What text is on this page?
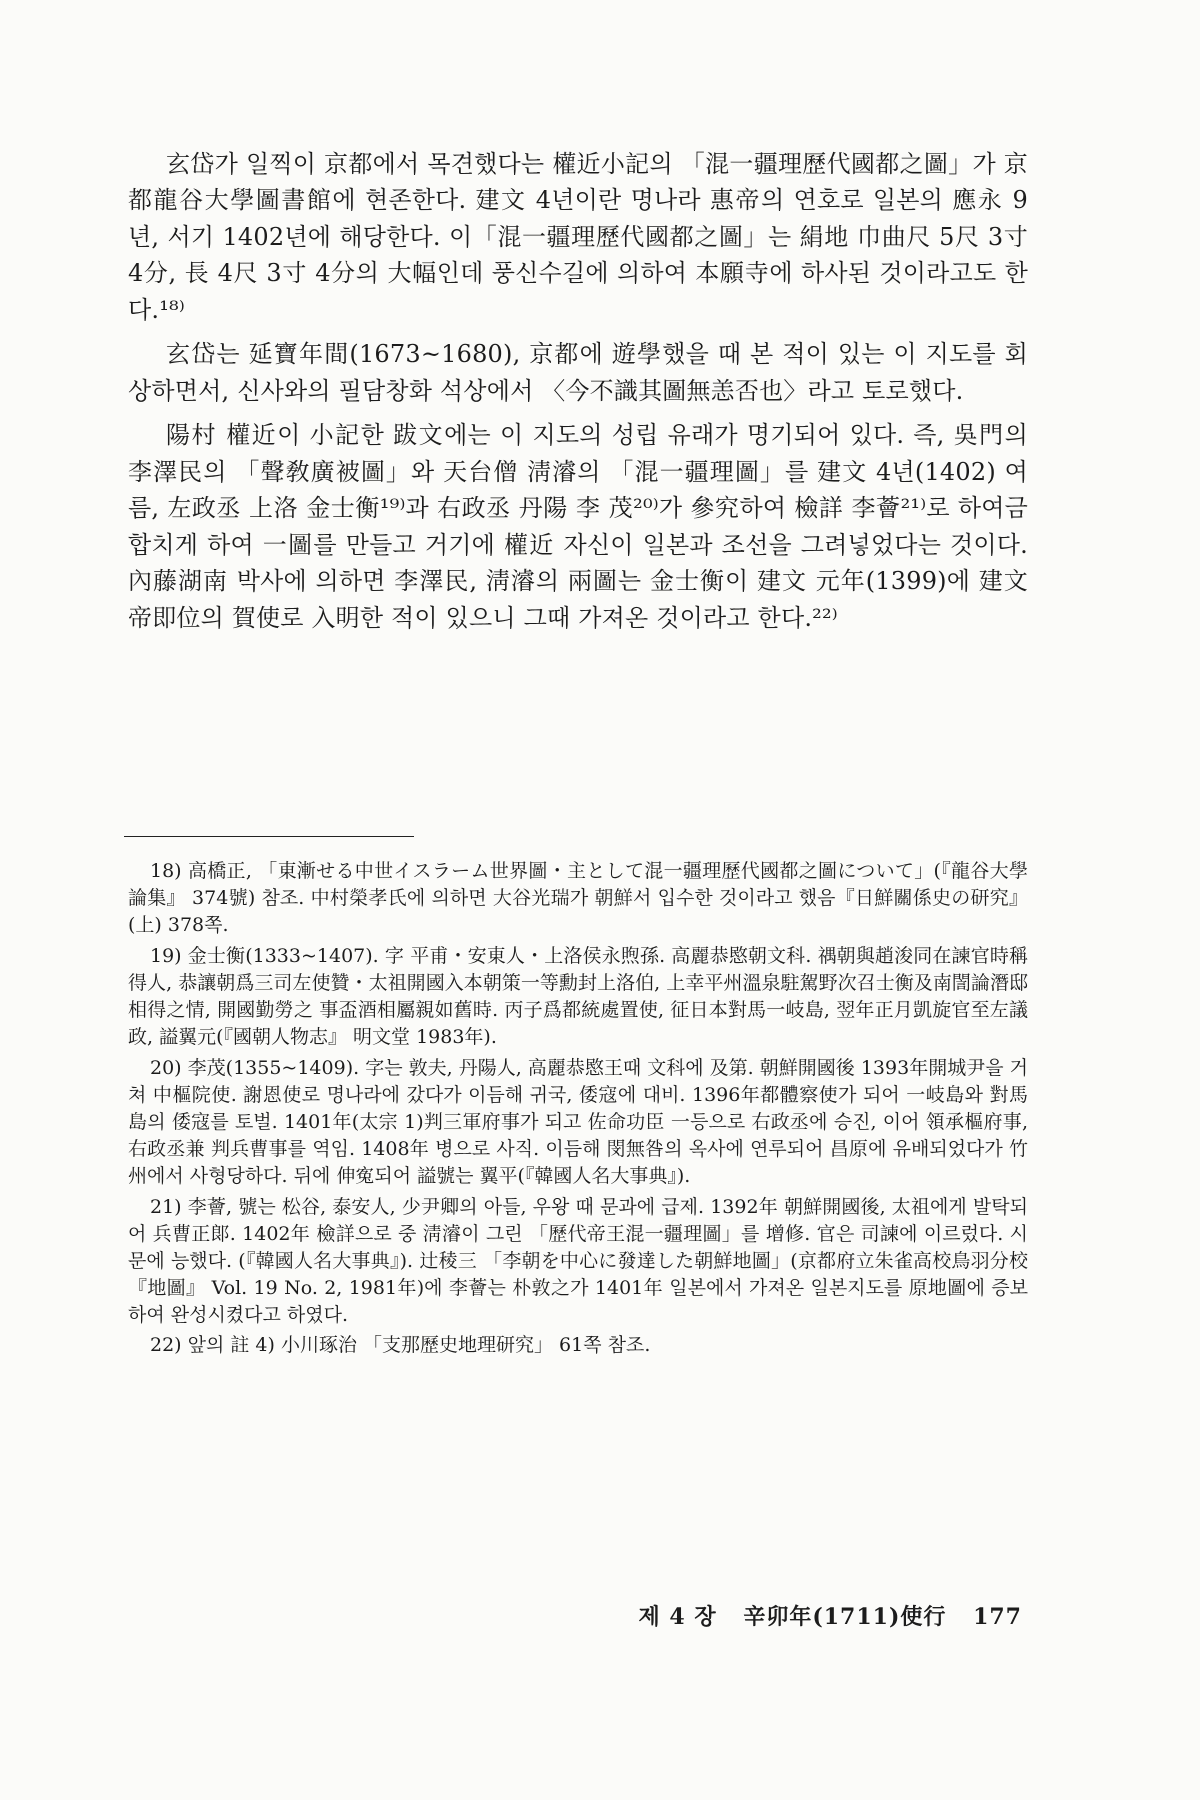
玄岱가 일찍이 京都에서 목견했다는 權近小記의 「混一疆理歷代國都之圖」가 京都龍谷大學圖書館에 현존한다. 建文 4년이란 명나라 惠帝의 연호로 일본의 應永 9년, 서기 1402년에 해당한다. 이「混一疆理歷代國都之圖」는 絹地 巾曲尺 5尺 3寸 4分, 長 4尺 3寸 4分의 大幅인데 풍신수길에 의하여 本願寺에 하사된 것이라고도 한다.¹⁸⁾

玄岱는 延寶年間(1673~1680), 京都에 遊學했을 때 본 적이 있는 이 지도를 회상하면서, 신사와의 필담창화 석상에서 〈今不識其圖無恙否也〉라고 토로했다.

陽村 權近이 小記한 跋文에는 이 지도의 성립 유래가 명기되어 있다. 즉, 吳門의 李澤民의 「聲敎廣被圖」와 天台僧 淸濬의 「混一疆理圖」를 建文 4년(1402) 여름, 左政丞 上洛 金士衡¹⁹⁾과 右政丞 丹陽 李 茂²⁰⁾가 參究하여 檢詳 李薈²¹⁾로 하여금 합치게 하여 一圖를 만들고 거기에 權近 자신이 일본과 조선을 그려넣었다는 것이다. 內藤湖南 박사에 의하면 李澤民, 淸濬의 兩圖는 金士衡이 建文 元年(1399)에 建文帝即位의 賀使로 入明한 적이 있으니 그때 가져온 것이라고 한다.²²⁾

18) 高橋正, 「東漸せる中世イスラーム世界圖・主として混一疆理歷代國都之圖について」(『龍谷大學論集』 374號) 참조. 中村榮孝氏에 의하면 大谷光瑞가 朝鮮서 입수한 것이라고 했음『日鮮關係史の研究』(上) 378쪽.

19) 金士衡(1333~1407). 字 平甫・安東人・上洛侯永煦孫. 高麗恭愍朝文科. 禑朝與趙浚同在諫官時稱得人, 恭讓朝爲三司左使贊・太祖開國入本朝策一等勳封上洛伯, 上幸平州溫泉駐駕野次召士衡及南誾論潛邸相得之情, 開國勤勞之 事盃酒相屬親如舊時. 丙子爲都統處置使, 征日本對馬一岐島, 翌年正月凱旋官至左議政, 謚翼元(『國朝人物志』 明文堂 1983年).

20) 李茂(1355~1409). 字는 敦夫, 丹陽人, 高麗恭愍王때 文科에 及第. 朝鮮開國後 1393年開城尹을 거쳐 中樞院使. 謝恩使로 명나라에 갔다가 이듬해 귀국, 倭寇에 대비. 1396年都體察使가 되어 一岐島와 對馬島의 倭寇를 토벌. 1401年(太宗 1)判三軍府事가 되고 佐命功臣 一등으로 右政丞에 승진, 이어 領承樞府事, 右政丞兼 判兵曹事를 역임. 1408年 병으로 사직. 이듬해 閔無咎의 옥사에 연루되어 昌原에 유배되었다가 竹州에서 사형당하다. 뒤에 伸寃되어 謚號는 翼平(『韓國人名大事典』).

21) 李薈, 號는 松谷, 泰安人, 少尹卿의 아들, 우왕 때 문과에 급제. 1392年 朝鮮開國後, 太祖에게 발탁되어 兵曹正郞. 1402年 檢詳으로 중 淸濬이 그린 「歷代帝王混一疆理圖」를 增修. 官은 司諫에 이르렀다. 시문에 능했다. (『韓國人名大事典』). 辻稜三 「李朝を中心に發達した朝鮮地圖」(京都府立朱雀高校鳥羽分校 『地圖』 Vol. 19 No. 2, 1981年)에 李薈는 朴敦之가 1401年 일본에서 가져온 일본지도를 原地圖에 증보하여 완성시켰다고 하였다.

22) 앞의 註 4) 小川琢治 「支那歷史地理研究」 61쪽 참조.

제 4 장 辛卯年(1711)使行 177
